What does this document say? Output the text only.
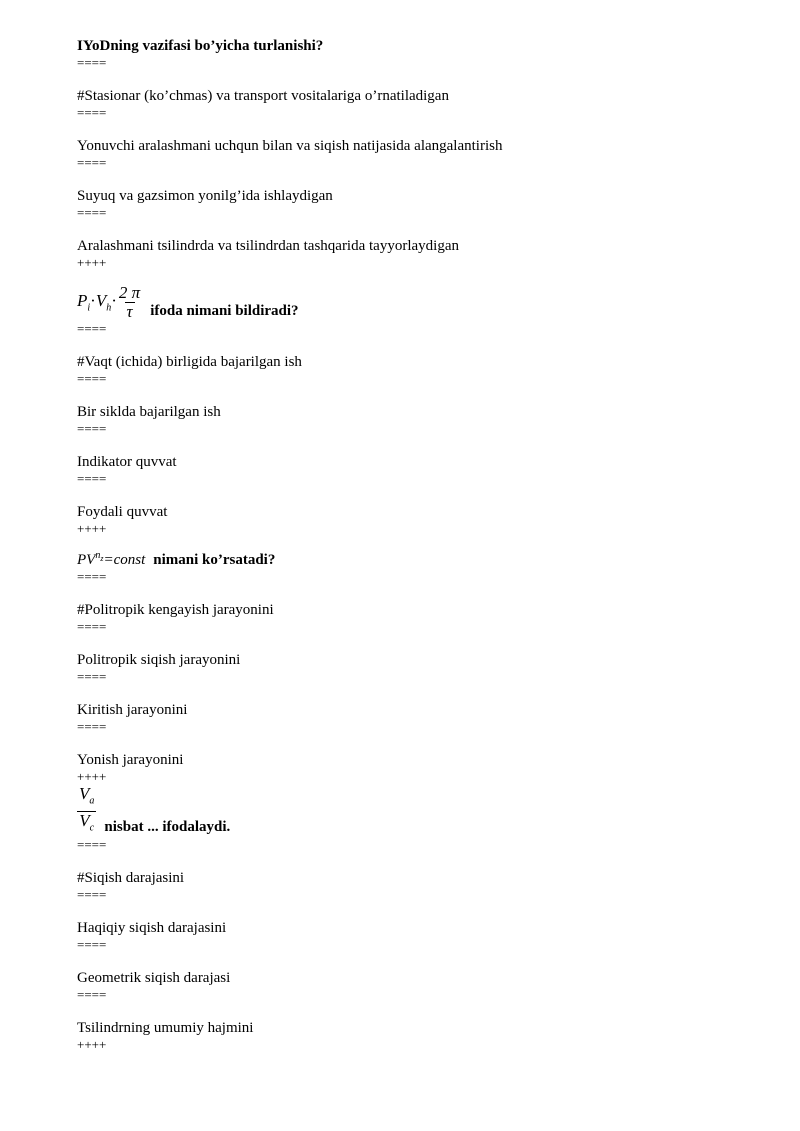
IYoDning vazifasi bo’yicha turlanishi?
====
#Stasionar (ko’chmas) va transport vositalariga o’rnatiladigan
====
Yonuvchi aralashmani uchqun bilan va siqish natijasida alangalantirish
====
Suyuq va gazsimon yonilg’ida ishlaydigan
====
Aralashmani tsilindrda va tsilindrdan tashqarida tayyorlaydigan
++++
$P_i\cdot V_h\cdot \frac{2 \pi}{\tau}$ ifoda nimani bildiradi?
====
#Vaqt (ichida) birligida bajarilgan ish
====
Bir siklda bajarilgan ish
====
Indikator quvvat
====
Foydali quvvat
++++
$PV^{n_z}=const$ nimani ko’rsatadi?
====
#Politropik kengayish jarayonini
====
Politropik siqish jarayonini
====
Kiritish jarayonini
====
Yonish jarayonini
++++
$\frac{V_a}{V_c}$ nisbat ... ifodalaydi.
====
#Siqish darajasini
====
Haqiqiy siqish darajasini
====
Geometrik siqish darajasi
====
Tsilindrning umumiy hajmini
++++
